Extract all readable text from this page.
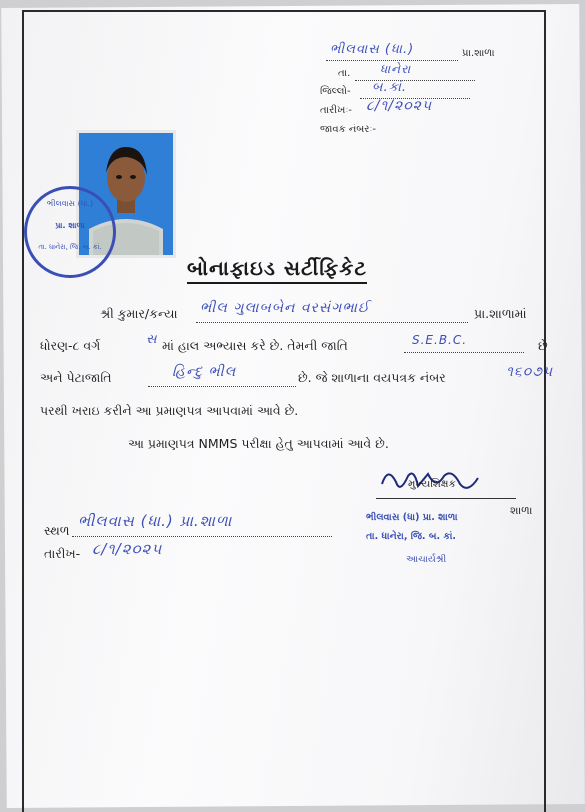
ભીલવાસ (ધા.)	પ્રા.શાળા
તા. ધાનેરા
જિલ્લો- બ.કાં.
તારીખઃ- ૮/૧/૨૦૨૫
જાવક નંબરઃ-
ભીલવાસ (ધા.)
પ્રા. શાળા
તા. ધાનેરા, જિ. બ. કાં.
બોનાફાઇડ સર્ટીફિકેટ
શ્રી કુમાર/કન્યા ભીલ ગુલાબબેન વરસંગભાઈ	પ્રા.શાળામાં
ધોરણ-૮ વર્ગ	સ માં હાલ અભ્યાસ કરે છે. તેમની જાતિ	S.E.B.C.	છે
અને પેટાજાતિ	હિન્દુ ભીલ	છે. જે શાળાના વયપત્રક નંબર	૧૬૦૭૫
પરથી ખરાઇ કરીને આ પ્રમાણપત્ર આપવામાં આવે છે.
આ પ્રમાણપત્ર NMMS પરીક્ષા હેતુ આપવામાં આવે છે.
મુખ્યશિક્ષક
શાળા
ભીલવાસ (ધા) પ્રા. શાળા
તા. ધાનેરા, જિ. બ. કાં.
આચાર્યશ્રી
સ્થળ
ભીલવાસ (ધા.) પ્રા.શાળા
તારીખ- ૮/૧/૨૦૨૫
